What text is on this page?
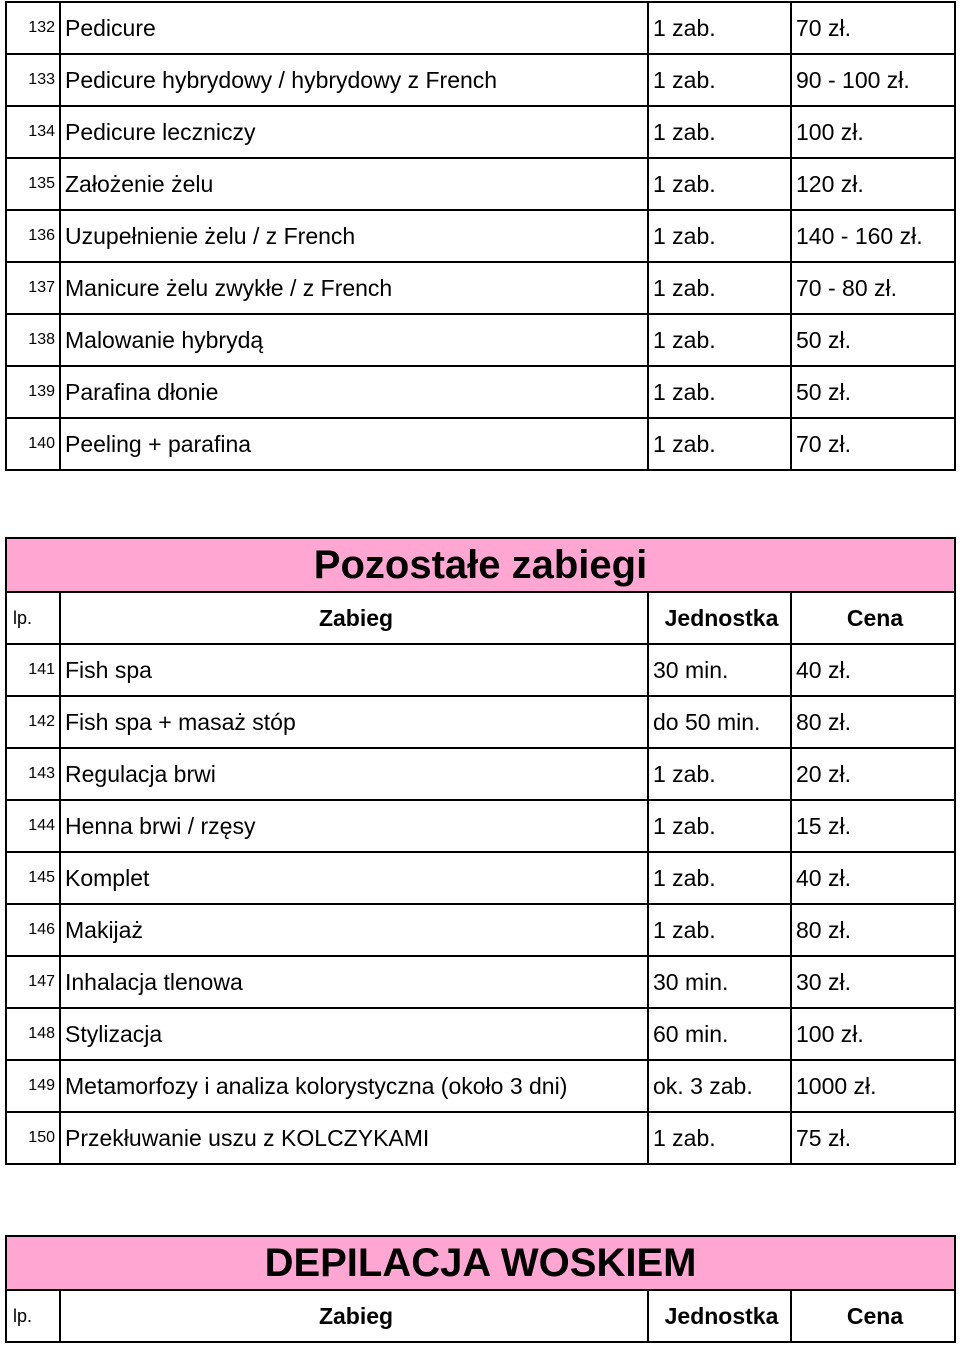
132	Pedicure	1 zab.	70 zł.
133	Pedicure hybrydowy / hybrydowy z French	1 zab.	90 - 100 zł.
134	Pedicure leczniczy	1 zab.	100 zł.
135	Założenie żelu	1 zab.	120 zł.
136	Uzupełnienie żelu / z French	1 zab.	140 - 160 zł.
137	Manicure żelu zwykłe / z French	1 zab.	70 - 80 zł.
138	Malowanie hybrydą	1 zab.	50 zł.
139	Parafina dłonie	1 zab.	50 zł.
140	Peeling + parafina	1 zab.	70 zł.
Pozostałe zabiegi			
lp.	Zabieg	Jednostka	Cena
141	Fish spa	30 min.	40 zł.
142	Fish spa + masaż stóp	do 50 min.	80 zł.
143	Regulacja brwi	1 zab.	20 zł.
144	Henna brwi / rzęsy	1 zab.	15 zł.
145	Komplet	1 zab.	40 zł.
146	Makijaż	1 zab.	80 zł.
147	Inhalacja tlenowa	30 min.	30 zł.
148	Stylizacja	60 min.	100 zł.
149	Metamorfozy i analiza kolorystyczna (około 3 dni)	ok. 3 zab.	1000 zł.
150	Przekłuwanie uszu z KOLCZYKAMI	1 zab.	75 zł.
DEPILACJA WOSKIEM
lp.	Zabieg	Jednostka	Cena
